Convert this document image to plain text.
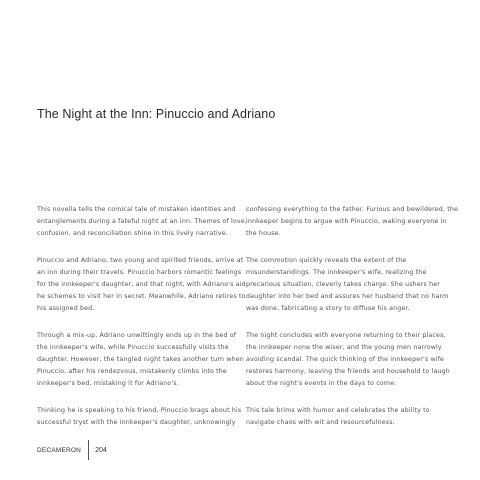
The Night at the Inn: Pinuccio and Adriano

This novella tells the comical tale of mistaken identities and entanglements during a fateful night at an inn. Themes of love, confusion, and reconciliation shine in this lively narrative.

Pinuccio and Adriano, two young and spirited friends, arrive at an inn during their travels. Pinuccio harbors romantic feelings for the innkeeper's daughter, and that night, with Adriano's aid, he schemes to visit her in secret. Meanwhile, Adriano retires to his assigned bed.

Through a mix-up, Adriano unwittingly ends up in the bed of the innkeeper's wife, while Pinuccio successfully visits the daughter. However, the tangled night takes another turn when Pinuccio, after his rendezvous, mistakenly climbs into the innkeeper's bed, mistaking it for Adriano's.

Thinking he is speaking to his friend, Pinuccio brags about his successful tryst with the innkeeper's daughter, unknowingly

confessing everything to the father. Furious and bewildered, the innkeeper begins to argue with Pinuccio, waking everyone in the house.

The commotion quickly reveals the extent of the misunderstandings. The innkeeper's wife, realizing the precarious situation, cleverly takes charge. She ushers her daughter into her bed and assures her husband that no harm was done, fabricating a story to diffuse his anger.

The night concludes with everyone returning to their places, the innkeeper none the wiser, and the young men narrowly avoiding scandal. The quick thinking of the innkeeper's wife restores harmony, leaving the friends and household to laugh about the night's events in the days to come.

This tale brims with humor and celebrates the ability to navigate chaos with wit and resourcefulness.

DECAMERON 204
